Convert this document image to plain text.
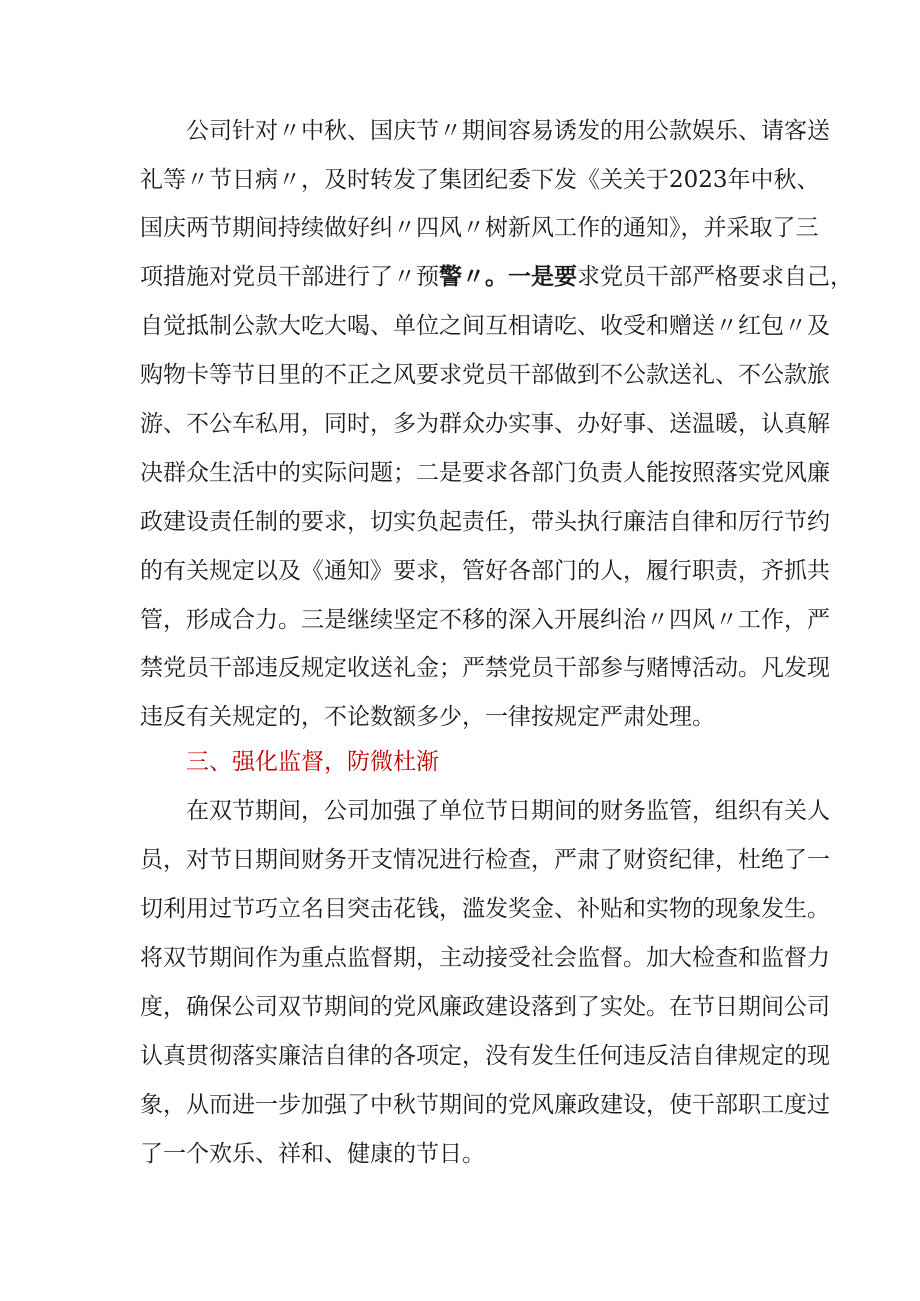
公司针对〃中秋、国庆节〃期间容易诱发的用公款娱乐、请客送
礼等〃节日病〃，及时转发了集团纪委下发《关关于2023年中秋、
国庆两节期间持续做好纠〃四风〃树新风工作的通知》，并采取了三
项措施对党员干部进行了〃预警〃。一是要求党员干部严格要求自己，
自觉抵制公款大吃大喝、单位之间互相请吃、收受和赠送〃红包〃及
购物卡等节日里的不正之风要求党员干部做到不公款送礼、不公款旅
游、不公车私用，同时，多为群众办实事、办好事、送温暖，认真解
决群众生活中的实际问题；二是要求各部门负责人能按照落实党风廉
政建设责任制的要求，切实负起责任，带头执行廉洁自律和厉行节约
的有关规定以及《通知》要求，管好各部门的人，履行职责，齐抓共
管，形成合力。三是继续坚定不移的深入开展纠治〃四风〃工作，严
禁党员干部违反规定收送礼金；严禁党员干部参与赌博活动。凡发现
违反有关规定的，不论数额多少，一律按规定严肃处理。
三、强化监督，防微杜渐
在双节期间，公司加强了单位节日期间的财务监管，组织有关人
员，对节日期间财务开支情况进行检查，严肃了财资纪律，杜绝了一
切利用过节巧立名目突击花钱，滥发奖金、补贴和实物的现象发生。
将双节期间作为重点监督期，主动接受社会监督。加大检查和监督力
度，确保公司双节期间的党风廉政建设落到了实处。在节日期间公司
认真贯彻落实廉洁自律的各项定，没有发生任何违反洁自律规定的现
象，从而进一步加强了中秋节期间的党风廉政建设，使干部职工度过
了一个欢乐、祥和、健康的节日。
